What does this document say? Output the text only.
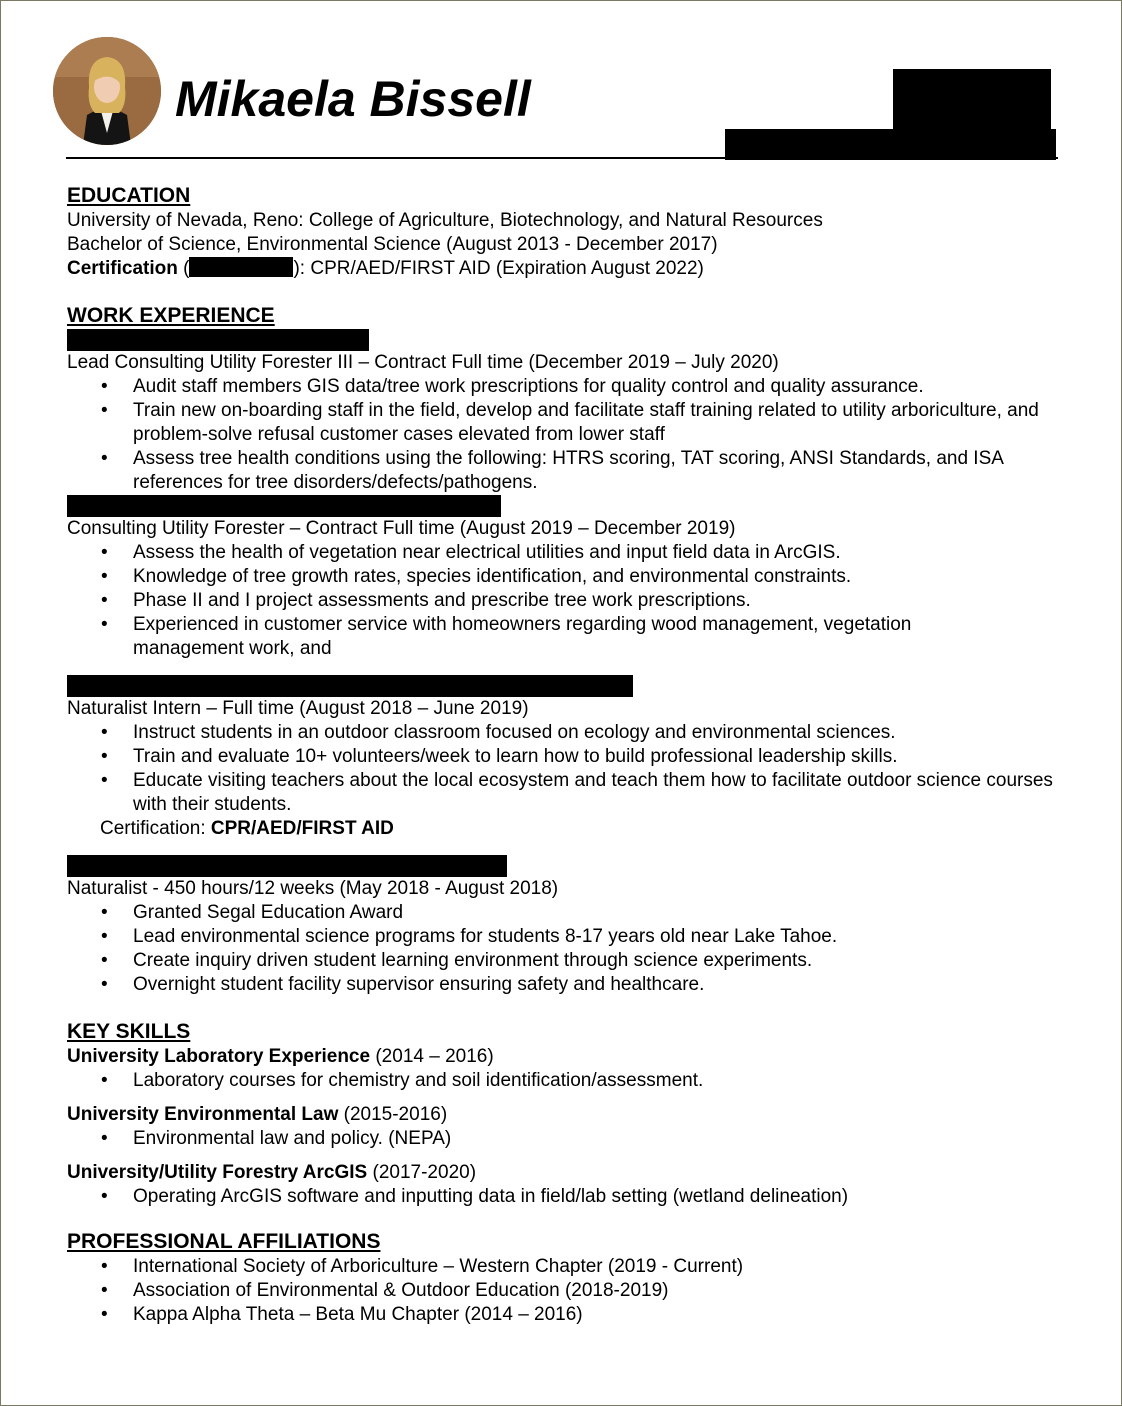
Mikaela Bissell
EDUCATION
University of Nevada, Reno: College of Agriculture, Biotechnology, and Natural Resources
Bachelor of Science, Environmental Science (August 2013 - December 2017)
Certification (	): CPR/AED/FIRST AID (Expiration August 2022)
WORK EXPERIENCE
Lead Consulting Utility Forester III – Contract Full time (December 2019 – July 2020)
• Audit staff members GIS data/tree work prescriptions for quality control and quality assurance.
• Train new on-boarding staff in the field, develop and facilitate staff training related to utility arboriculture, and problem-solve refusal customer cases elevated from lower staff
• Assess tree health conditions using the following: HTRS scoring, TAT scoring, ANSI Standards, and ISA references for tree disorders/defects/pathogens.
Consulting Utility Forester – Contract Full time (August 2019 – December 2019)
• Assess the health of vegetation near electrical utilities and input field data in ArcGIS.
• Knowledge of tree growth rates, species identification, and environmental constraints.
• Phase II and I project assessments and prescribe tree work prescriptions.
• Experienced in customer service with homeowners regarding wood management, vegetation management work, and
Naturalist Intern – Full time (August 2018 – June 2019)
• Instruct students in an outdoor classroom focused on ecology and environmental sciences.
• Train and evaluate 10+ volunteers/week to learn how to build professional leadership skills.
• Educate visiting teachers about the local ecosystem and teach them how to facilitate outdoor science courses with their students.
Certification: CPR/AED/FIRST AID
Naturalist - 450 hours/12 weeks (May 2018 - August 2018)
• Granted Segal Education Award
• Lead environmental science programs for students 8-17 years old near Lake Tahoe.
• Create inquiry driven student learning environment through science experiments.
• Overnight student facility supervisor ensuring safety and healthcare.
KEY SKILLS
University Laboratory Experience (2014 – 2016)
• Laboratory courses for chemistry and soil identification/assessment.
University Environmental Law (2015-2016)
• Environmental law and policy. (NEPA)
University/Utility Forestry ArcGIS (2017-2020)
• Operating ArcGIS software and inputting data in field/lab setting (wetland delineation)
PROFESSIONAL AFFILIATIONS
• International Society of Arboriculture – Western Chapter (2019 - Current)
• Association of Environmental & Outdoor Education (2018-2019)
• Kappa Alpha Theta – Beta Mu Chapter (2014 – 2016)
